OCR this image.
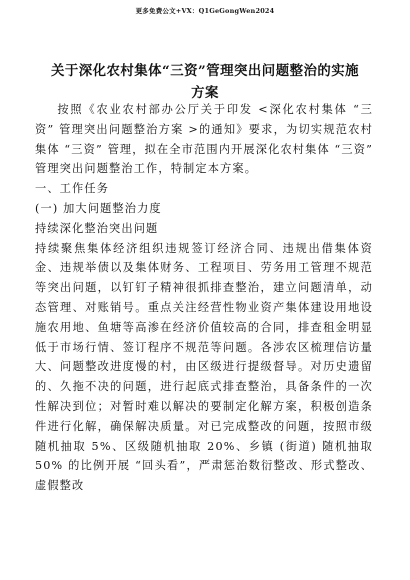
更多免费公文+VX：Q1GeGongWen2024
关于深化农村集体“三资”管理突出问题整治的实施
方案

按照《农业农村部办公厅关于印发 <深化农村集体 “三资” 管理突出问题整治方案 >的通知》要求，为切实规范农村集体 “三资” 管理，拟在全市范围内开展深化农村集体 “三资” 管理突出问题整治工作，特制定本方案。

一、工作任务

(一) 加大问题整治力度

持续深化整治突出问题

持续聚焦集体经济组织违规签订经济合同、违规出借集体资金、违规举债以及集体财务、工程项目、劳务用工管理不规范等突出问题，以钉钉子精神很抓排查整治，建立问题清单，动态管理、对账销号。重点关注经营性物业资产集体建设用地设施农用地、鱼塘等高渗在经济价值较高的合同，排查租金明显低于市场行情、签订程序不规范等问题。各涉农区梳理信访量大、问题整改进度慢的村，由区级进行提级督导。对历史遗留的、久拖不决的问题，进行起底式排查整治，具备条件的一次性解决到位；对暂时难以解决的要制定化解方案，积极创造条件进行化解，确保解决质量。对已完成整改的问题，按照市级随机抽取 5%、区级随机抽取 20%、乡镇 (街道) 随机抽取 50% 的比例开展 “回头看”，严肃惩治数衍整改、形式整改、虚假整改
